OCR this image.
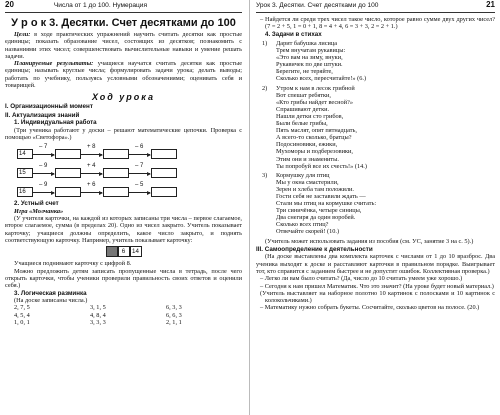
20	Числа от 1 до 100. Нумерация
У р о к 3. Десятки. Счет десятками до 100

Цели: в ходе практических упражнений научить считать десятки как простые единицы; показать образование чисел, состоящих из десятков; познакомить с названиями этих чисел; совершенствовать вычислительные навыки и умение решать задачи.

Планируемые результаты: учащиеся научатся считать десятки как простые единицы; называть круглые числа; формулировать задачи урока; делать выводы; работать по учебнику, пользуясь условными обозначениями; оценивать себя и товарищей.

Ход урока
I. Организационный момент
II. Актуализация знаний
1. Индивидуальная работа

(Три ученика работают у доски – решают математические цепочки. Проверка с помощью «Светофора».)

14
– 7	+ 8	– 6
15
– 9	+ 4	– 7
16
– 9	+ 6	– 5
2. Устный счет
Игра «Молчанка»

(У учителя карточки, на каждой из которых записаны три числа – первое слагаемое, второе слагаемое, сумма (в пределах 20). Одно из чисел закрыто. Учитель показывает карточку; учащиеся должны определить, какое число закрыто, и поднять соответствующую карточку. Например, учитель показывает карточку:

6	14

Учащиеся поднимают карточку с цифрой 8.

Можно предложить детям записать пропущенные числа в тетрадь, после чего открыть карточки, чтобы ученики проверили правильность своих ответов и оценили себя.)

3. Логическая разминка

(На доске записаны числа.)

2, 7, 5	3, 1, 5	6, 3, 3
4, 5, 4	4, 8, 4	6, 6, 3
1, 0, 1	3, 3, 3	2, 1, 1
Урок 3. Десятки. Счет десятками до 100	21
– Найдется ли среди трех чисел такое число, которое равно сумме двух других чисел? (7 = 2 + 5, 1 = 0 + 1, 8 = 4 + 4, 6 = 3 + 3, 2 = 2 + 1.)
4. Задачи в стихах
1)	Дарит бабушка лисица
Трем внучатам рукавицы:
«Это вам на зиму, внуки,
Рукавичек по две штуки.
Берегите, не теряйте,
Сколько всех, пересчитайте!» (6.)
2)	Утром к нам в лесок грибной
Вот спешат ребятки,
«Кто грибы найдет весной?»
Спрашивают детки.
Нашли детки сто грибов,
Были белые грибы,
Пять маслят, опят пятнадцать,
А всего-то сколько, братцы?
Подосиновики, ежики,
Мухоморы и подберезовики,
Этим они и знамениты.
Ты попробуй все их счесть!» (14.)
3)	Кормушку для птиц
Мы у окна смастерили,
Зерен и хлеба там положили.
Гости себя не заставили ждать —
Стали мы птиц на кормушке считать:
Три синичёнка, четыре синицы,
Два снегиря да один воробей.
Сколько всех птиц?
Отвечайте скорей! (10.)

(Учитель может использовать задания из пособия (см. УС, занятие 3 на с. 5).)

III. Самоопределение к деятельности

(На доске выставлены два комплекта карточек с числами от 1 до 10 вразброс. Два ученика выходят к доске и расставляют карточки в правильном порядке. Выигрывает тот, кто справится с заданием быстрее и не допустит ошибок. Коллективная проверка.)

– Легко ли вам было считать? (Да, число до 10 считать умеем уже хорошо.)
– Сегодня к нам пришел Математик. Что это значит? (На уроке будет новый материал.)
(Учитель выставляет на наборное полотно 10 картинок с полосками и 10 картинок с колокольчиками.)
– Математику нужно собрать букеты. Сосчитайте, сколько цветов на полосе. (20.)
